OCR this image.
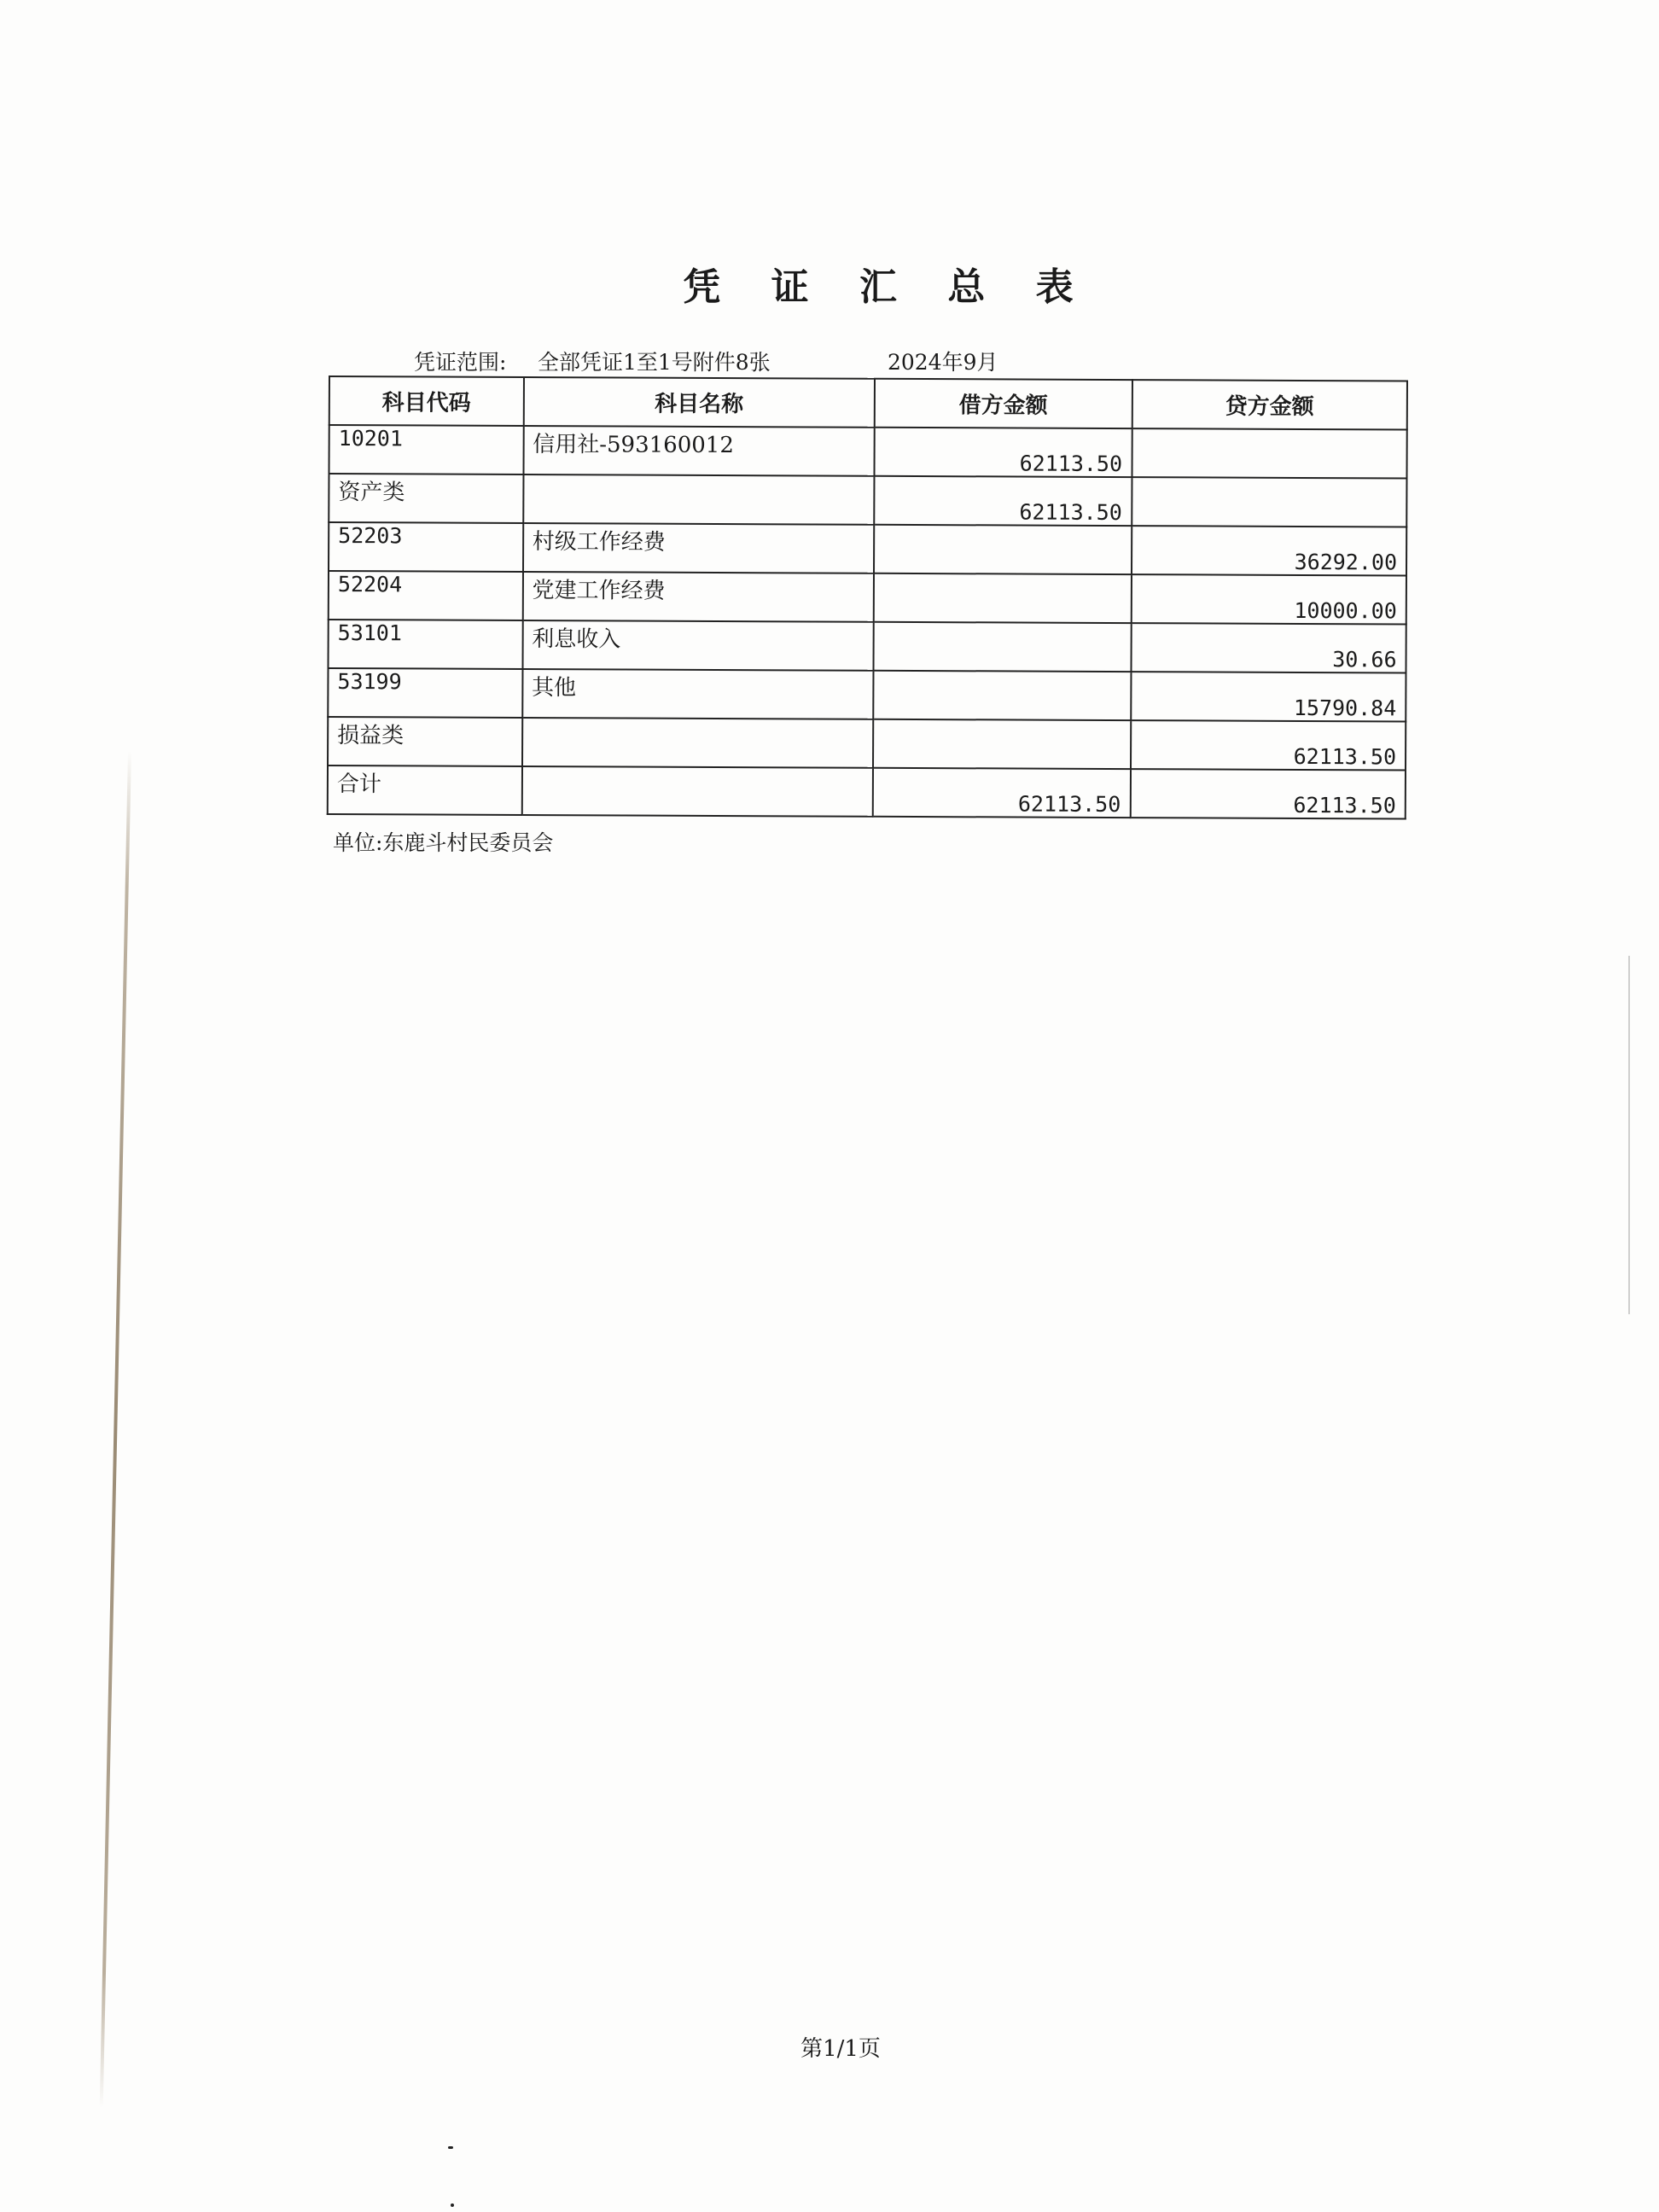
凭 证 汇 总 表
凭证范围: 全部凭证1至1号附件8张	2024年9月
科目代码	科目名称	借方金额	贷方金额
10201	信用社-593160012	62113.50	
资产类		62113.50	
52203	村级工作经费		36292.00
52204	党建工作经费		10000.00
53101	利息收入		30.66
53199	其他		15790.84
损益类			62113.50
合计		62113.50	62113.50
单位:东鹿斗村民委员会
第1/1页
